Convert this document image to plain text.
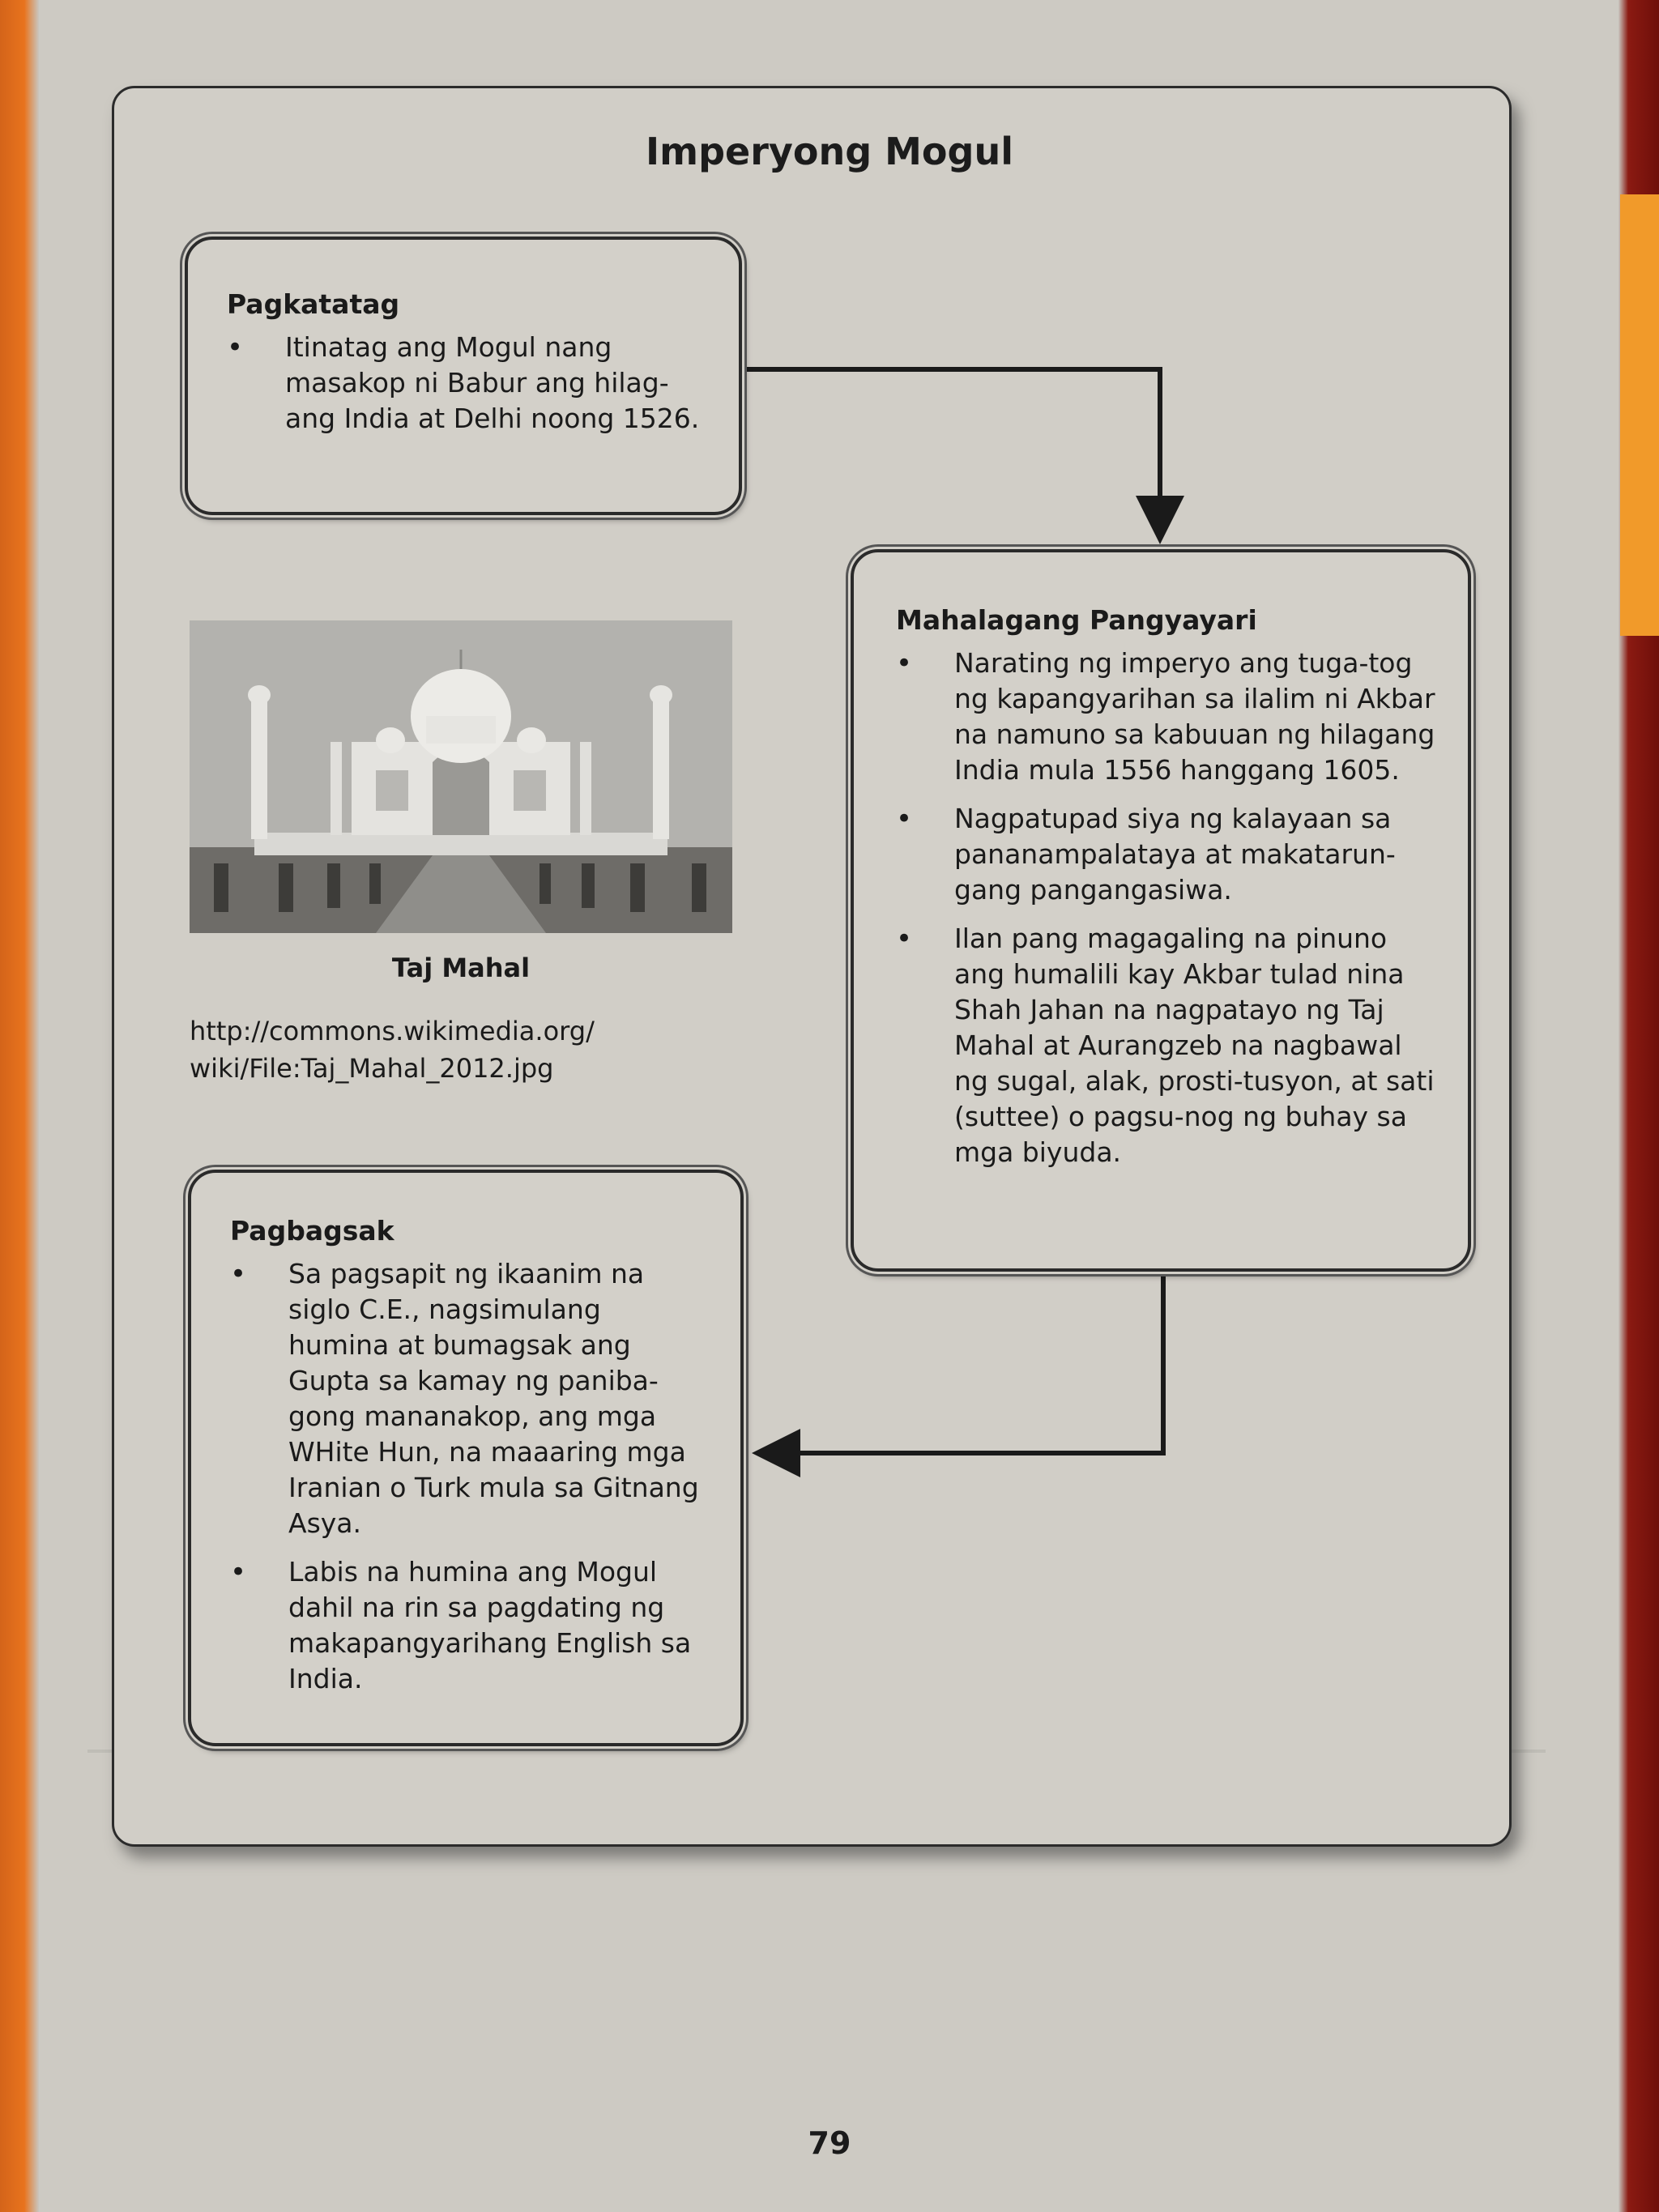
Imperyong Mogul
Pagkatatag
• Itinatag ang Mogul nang masakop ni Babur ang hilag-ang India at Delhi noong 1526.
Mahalagang Pangyayari
• Narating ng imperyo ang tuga-tog ng kapangyarihan sa ilalim ni Akbar na namuno sa kabuuan ng hilagang India mula 1556 hanggang 1605.
• Nagpatupad siya ng kalayaan sa pananampalataya at makatarun-gang pangangasiwa.
• Ilan pang magagaling na pinuno ang humalili kay Akbar tulad nina Shah Jahan na nagpatayo ng Taj Mahal at Aurangzeb na nagbawal ng sugal, alak, prosti-tusyon, at sati (suttee) o pagsu-nog ng buhay sa mga biyuda.
Taj Mahal
http://commons.wikimedia.org/
wiki/File:Taj_Mahal_2012.jpg
Pagbagsak
• Sa pagsapit ng ikaanim na siglo C.E., nagsimulang humina at bumagsak ang Gupta sa kamay ng paniba-gong mananakop, ang mga WHite Hun, na maaaring mga Iranian o Turk mula sa Gitnang Asya.
• Labis na humina ang Mogul dahil na rin sa pagdating ng makapangyarihang English sa India.
79
